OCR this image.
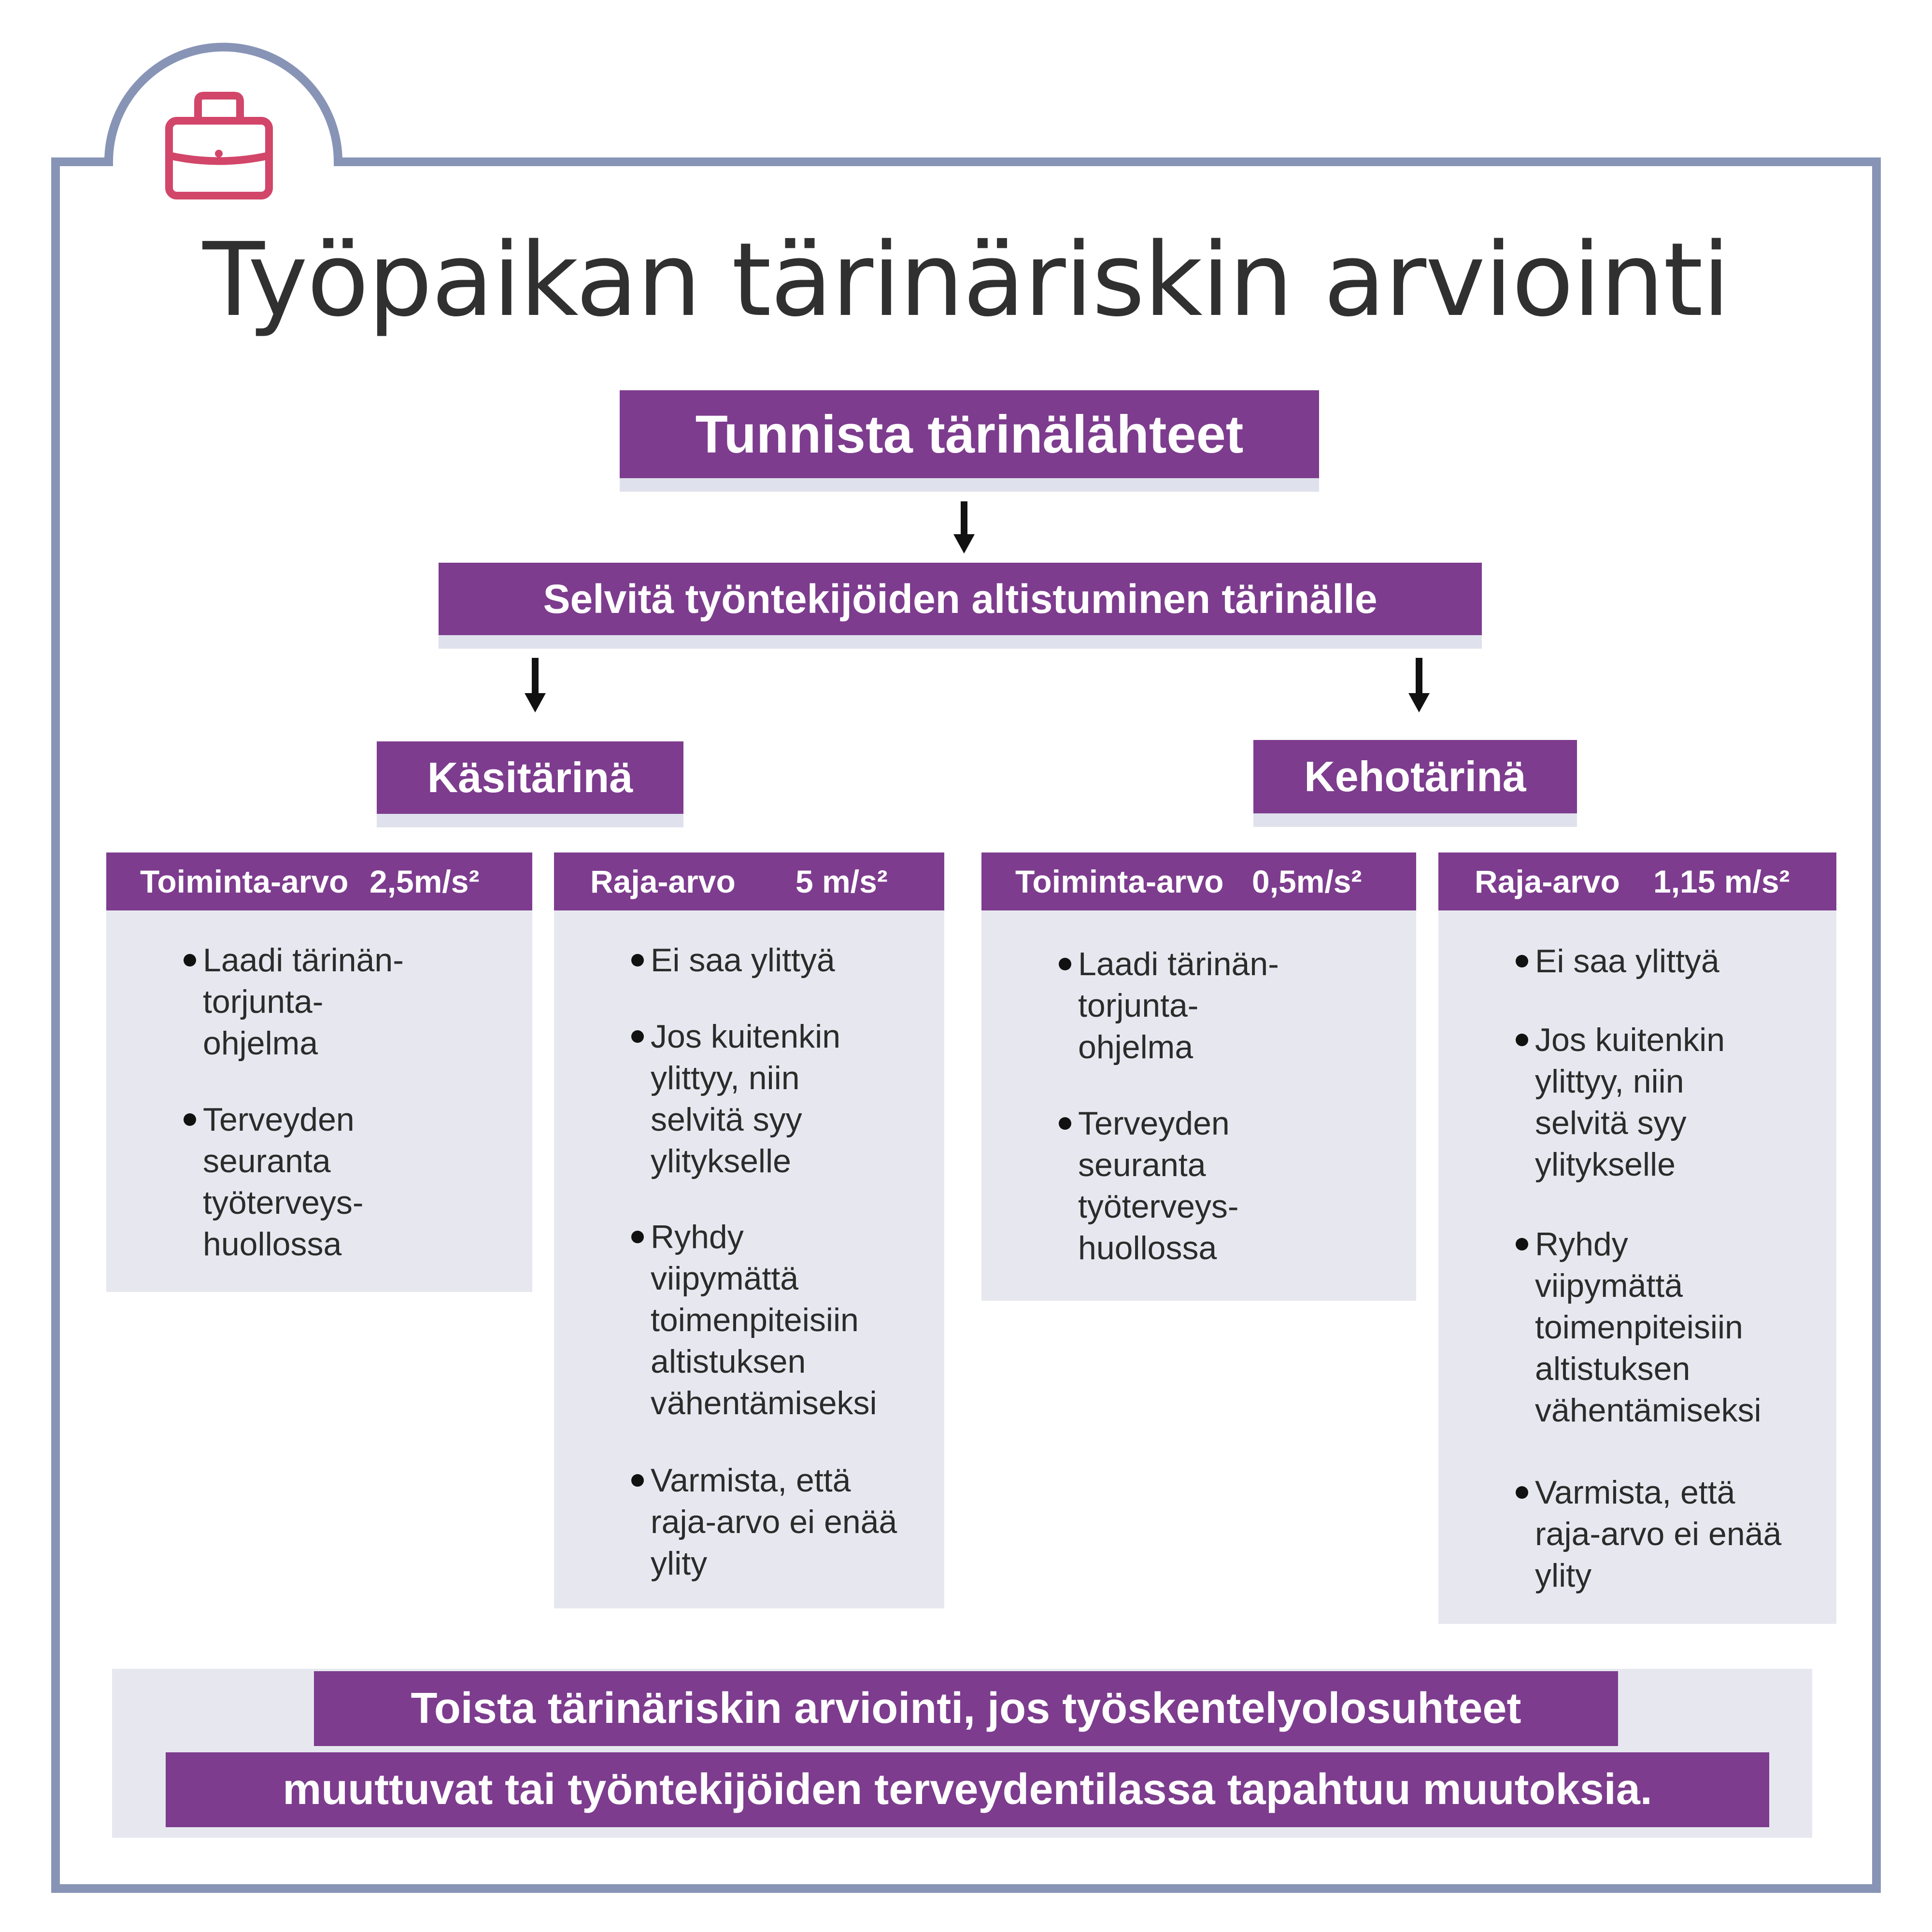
Työpaikan tärinäriskin arviointi
Tunnista tärinälähteet
Selvitä työntekijöiden altistuminen tärinälle
Käsitärinä	Kehotärinä
Toiminta-arvo 2,5m/s²
Laadi tärinän-
torjunta-
ohjelma
Terveyden
seuranta
työterveys-
huollossa
Raja-arvo 5 m/s²
Ei saa ylittyä
Jos kuitenkin
ylittyy, niin
selvitä syy
ylitykselle
Ryhdy
viipymättä
toimenpiteisiin
altistuksen
vähentämiseksi
Varmista, että
raja-arvo ei enää
ylity
Toiminta-arvo 0,5m/s²
Laadi tärinän-
torjunta-
ohjelma
Terveyden
seuranta
työterveys-
huollossa
Raja-arvo 1,15 m/s²
Ei saa ylittyä
Jos kuitenkin
ylittyy, niin
selvitä syy
ylitykselle
Ryhdy
viipymättä
toimenpiteisiin
altistuksen
vähentämiseksi
Varmista, että
raja-arvo ei enää
ylity
Toista tärinäriskin arviointi, jos työskentelyolosuhteet
muuttuvat tai työntekijöiden terveydentilassa tapahtuu muutoksia.
